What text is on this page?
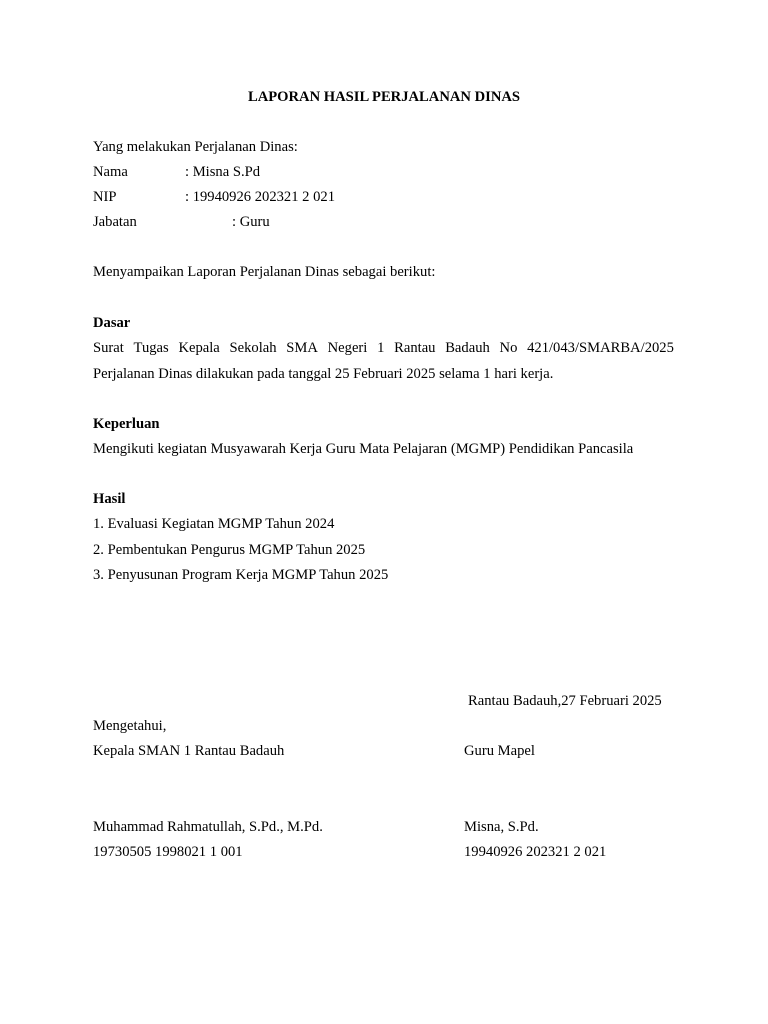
LAPORAN HASIL PERJALANAN DINAS
Yang melakukan Perjalanan Dinas:
Nama	: Misna S.Pd
NIP	: 19940926 202321 2 021
Jabatan	: Guru
Menyampaikan Laporan Perjalanan Dinas sebagai berikut:
Dasar
Surat Tugas Kepala Sekolah SMA Negeri 1 Rantau Badauh No 421/043/SMARBA/2025
Perjalanan Dinas dilakukan pada tanggal 25 Februari 2025 selama 1 hari kerja.
Keperluan
Mengikuti kegiatan Musyawarah Kerja Guru Mata Pelajaran (MGMP) Pendidikan Pancasila
Hasil
1. Evaluasi Kegiatan MGMP Tahun 2024
2. Pembentukan Pengurus MGMP Tahun 2025
3. Penyusunan Program Kerja MGMP Tahun 2025
Rantau Badauh,27 Februari 2025
Mengetahui,
Kepala SMAN 1 Rantau Badauh	Guru Mapel
Muhammad Rahmatullah, S.Pd., M.Pd.	Misna, S.Pd.
19730505 1998021 1 001	19940926 202321 2 021
